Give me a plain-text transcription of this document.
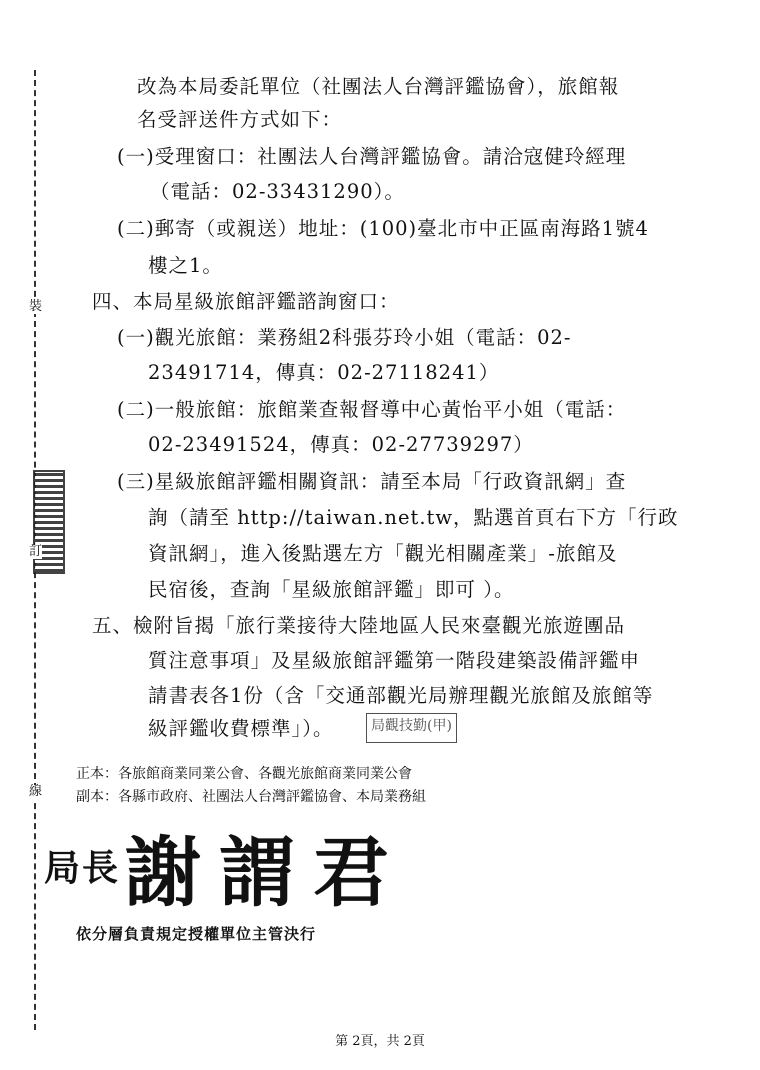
裝
訂
線
改為本局委託單位（社團法人台灣評鑑協會），旅館報
名受評送件方式如下：
(一)受理窗口：社團法人台灣評鑑協會。請洽寇健玲經理
（電話：02-33431290）。
(二)郵寄（或親送）地址：(100)臺北市中正區南海路1號4
樓之1。
四、本局星級旅館評鑑諮詢窗口：
(一)觀光旅館：業務組2科張芬玲小姐（電話：02-
23491714，傳真：02-27118241）
(二)一般旅館：旅館業查報督導中心黃怡平小姐（電話：
02-23491524，傳真：02-27739297）
(三)星級旅館評鑑相關資訊：請至本局「行政資訊網」查
詢（請至 http://taiwan.net.tw，點選首頁右下方「行政
資訊網」，進入後點選左方「觀光相關產業」-旅館及
民宿後，查詢「星級旅館評鑑」即可 ）。
五、檢附旨揭「旅行業接待大陸地區人民來臺觀光旅遊團品
質注意事項」及星級旅館評鑑第一階段建築設備評鑑申
請書表各1份（含「交通部觀光局辦理觀光旅館及旅館等
級評鑑收費標準」）。	局觀技勤(甲)
正本：各旅館商業同業公會、各觀光旅館商業同業公會
副本：各縣市政府、社團法人台灣評鑑協會、本局業務組
局長 謝謂君
依分層負責規定授權單位主管決行
第 2頁，共 2頁
